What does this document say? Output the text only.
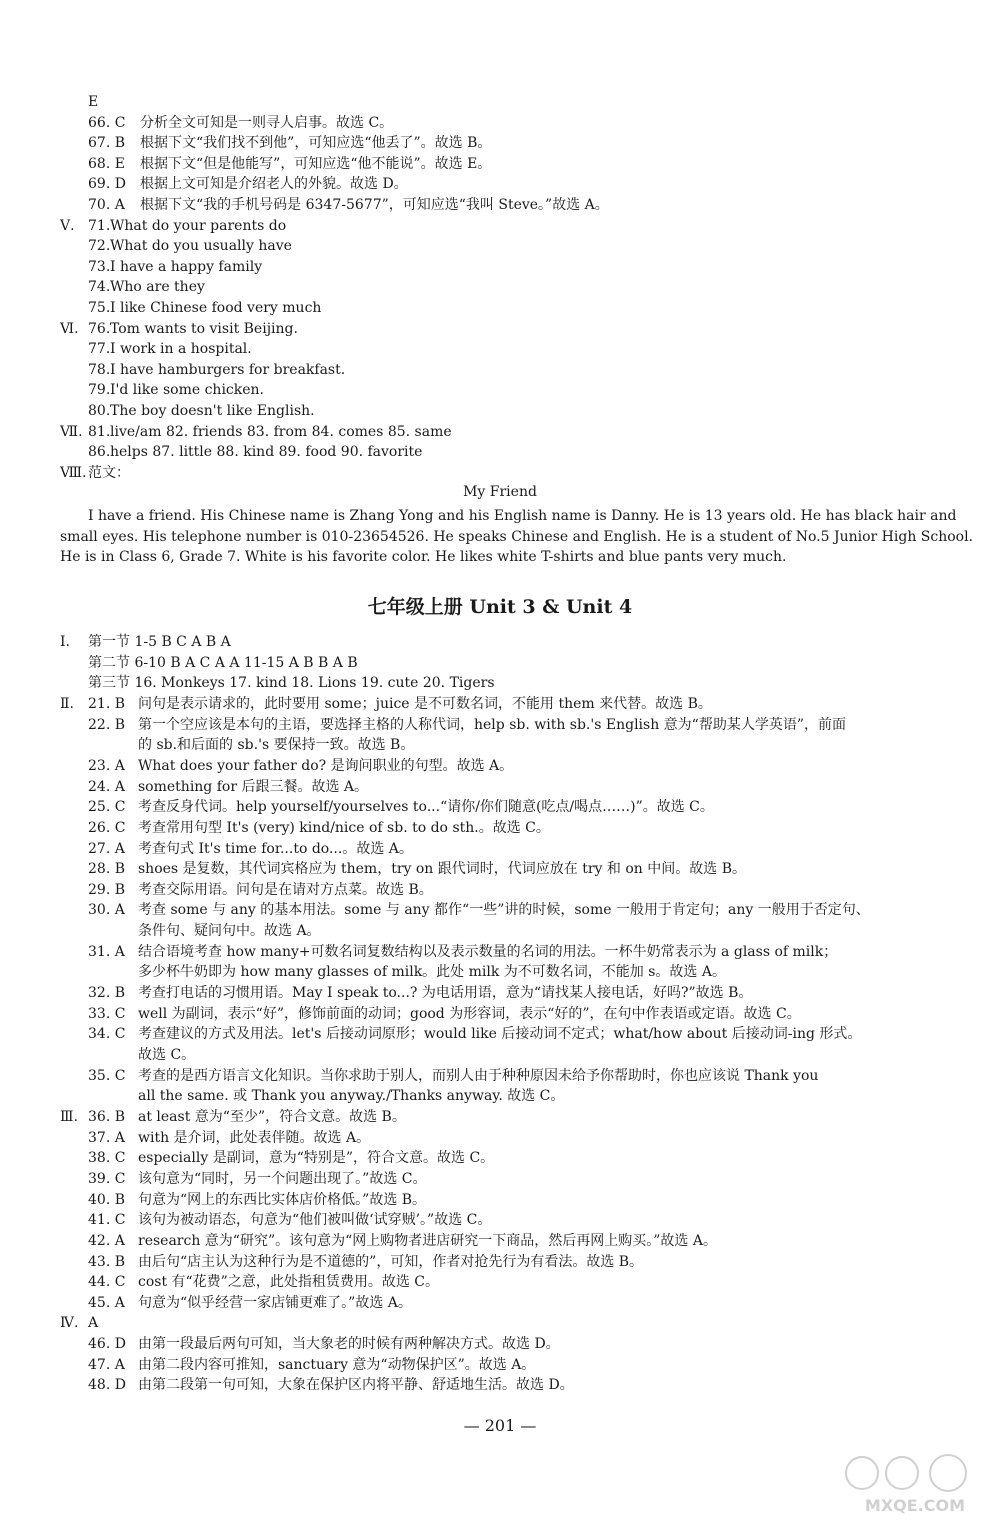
My Friend
七年级上册 Unit 3 & Unit 4
— 201 —
MXQE.COM
E
66. C 分析全文可知是一则寻人启事。故选 C。
67. B 根据下文“我们找不到他”，可知应选“他丢了”。故选 B。
68. E 根据下文“但是他能写”，可知应选“他不能说”。故选 E。
69. D 根据上文可知是介绍老人的外貌。故选 D。
70. A 根据下文“我的手机号码是 6347-5677”，可知应选“我叫 Steve。”故选 A。
Ⅴ. 71. What do your parents do
72. What do you usually have
73. I have a happy family
74. Who are they
75. I like Chinese food very much
Ⅵ. 76. Tom wants to visit Beijing.
77. I work in a hospital.
78. I have hamburgers for breakfast.
79. I'd like some chicken.
80. The boy doesn't like English.
Ⅶ. 81. live/am 82. friends 83. from 84. comes 85. same
86. helps 87. little 88. kind 89. food 90. favorite
Ⅷ. 范文：
I have a friend. His Chinese name is Zhang Yong and his English name is Danny. He is 13 years old. He has black hair and
small eyes. His telephone number is 010-23654526. He speaks Chinese and English. He is a student of No.5 Junior High School.
He is in Class 6, Grade 7. White is his favorite color. He likes white T-shirts and blue pants very much.
Ⅰ. 第一节 1-5 B C A B A
第二节 6-10 B A C A A 11-15 A B B A B
第三节 16. Monkeys 17. kind 18. Lions 19. cute 20. Tigers
Ⅱ. 21. B 问句是表示请求的，此时要用 some；juice 是不可数名词，不能用 them 来代替。故选 B。
22. B 第一个空应该是本句的主语，要选择主格的人称代词，help sb. with sb.'s English 意为“帮助某人学英语”，前面
的 sb.和后面的 sb.'s 要保持一致。故选 B。
23. A What does your father do? 是询问职业的句型。故选 A。
24. A something for 后跟三餐。故选 A。
25. C 考查反身代词。help yourself/yourselves to...“请你/你们随意(吃点/喝点……)”。故选 C。
26. C 考查常用句型 It's (very) kind/nice of sb. to do sth.。故选 C。
27. A 考查句式 It's time for...to do...。故选 A。
28. B shoes 是复数，其代词宾格应为 them，try on 跟代词时，代词应放在 try 和 on 中间。故选 B。
29. B 考查交际用语。问句是在请对方点菜。故选 B。
30. A 考查 some 与 any 的基本用法。some 与 any 都作“一些”讲的时候，some 一般用于肯定句；any 一般用于否定句、
条件句、疑问句中。故选 A。
31. A 结合语境考查 how many+可数名词复数结构以及表示数量的名词的用法。一杯牛奶常表示为 a glass of milk；
多少杯牛奶即为 how many glasses of milk。此处 milk 为不可数名词，不能加 s。故选 A。
32. B 考查打电话的习惯用语。May I speak to...? 为电话用语，意为“请找某人接电话，好吗?”故选 B。
33. C well 为副词，表示“好”，修饰前面的动词；good 为形容词，表示“好的”，在句中作表语或定语。故选 C。
34. C 考查建议的方式及用法。let's 后接动词原形；would like 后接动词不定式；what/how about 后接动词-ing 形式。
故选 C。
35. C 考查的是西方语言文化知识。当你求助于别人，而别人由于种种原因未给予你帮助时，你也应该说 Thank you
all the same. 或 Thank you anyway./Thanks anyway. 故选 C。
Ⅲ. 36. B at least 意为“至少”，符合文意。故选 B。
37. A with 是介词，此处表伴随。故选 A。
38. C especially 是副词，意为“特别是”，符合文意。故选 C。
39. C 该句意为“同时，另一个问题出现了。”故选 C。
40. B 句意为“网上的东西比实体店价格低。”故选 B。
41. C 该句为被动语态，句意为“他们被叫做‘试穿贼’。”故选 C。
42. A research 意为“研究”。该句意为“网上购物者进店研究一下商品，然后再网上购买。”故选 A。
43. B 由后句“店主认为这种行为是不道德的”，可知，作者对抢先行为有看法。故选 B。
44. C cost 有“花费”之意，此处指租赁费用。故选 C。
45. A 句意为“似乎经营一家店铺更难了。”故选 A。
Ⅳ. A
46. D 由第一段最后两句可知，当大象老的时候有两种解决方式。故选 D。
47. A 由第二段内容可推知，sanctuary 意为“动物保护区”。故选 A。
48. D 由第二段第一句可知，大象在保护区内将平静、舒适地生活。故选 D。
